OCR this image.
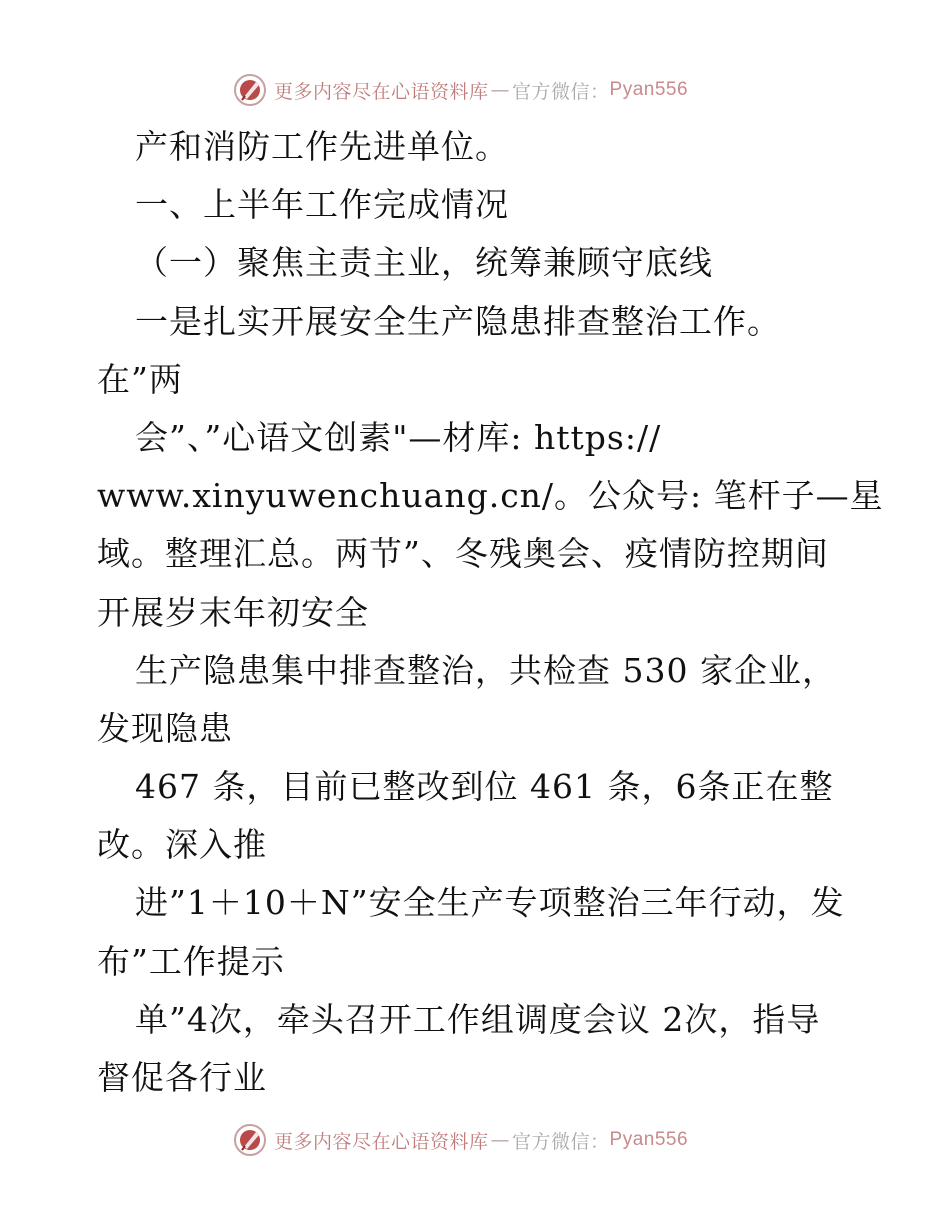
更多内容尽在心语资料库 — 官方微信： Pyan556
产和消防工作先进单位。
一、上半年工作完成情况
（一）聚焦主责主业，统筹兼顾守底线
一是扎实开展安全生产隐患排查整治工作。
在”两
会”、”心语文创素"—材库: https://
www.xinyuwenchuang.cn/。公众号: 笔杆子—星
域。整理汇总。两节”、冬残奥会、疫情防控期间
开展岁末年初安全
生产隐患集中排查整治，共检查 530 家企业，
发现隐患
467 条，目前已整改到位 461 条，6条正在整
改。深入推
进”1＋10＋N”安全生产专项整治三年行动，发
布”工作提示
单”4次，牵头召开工作组调度会议 2次，指导
督促各行业
更多内容尽在心语资料库 — 官方微信： Pyan556
